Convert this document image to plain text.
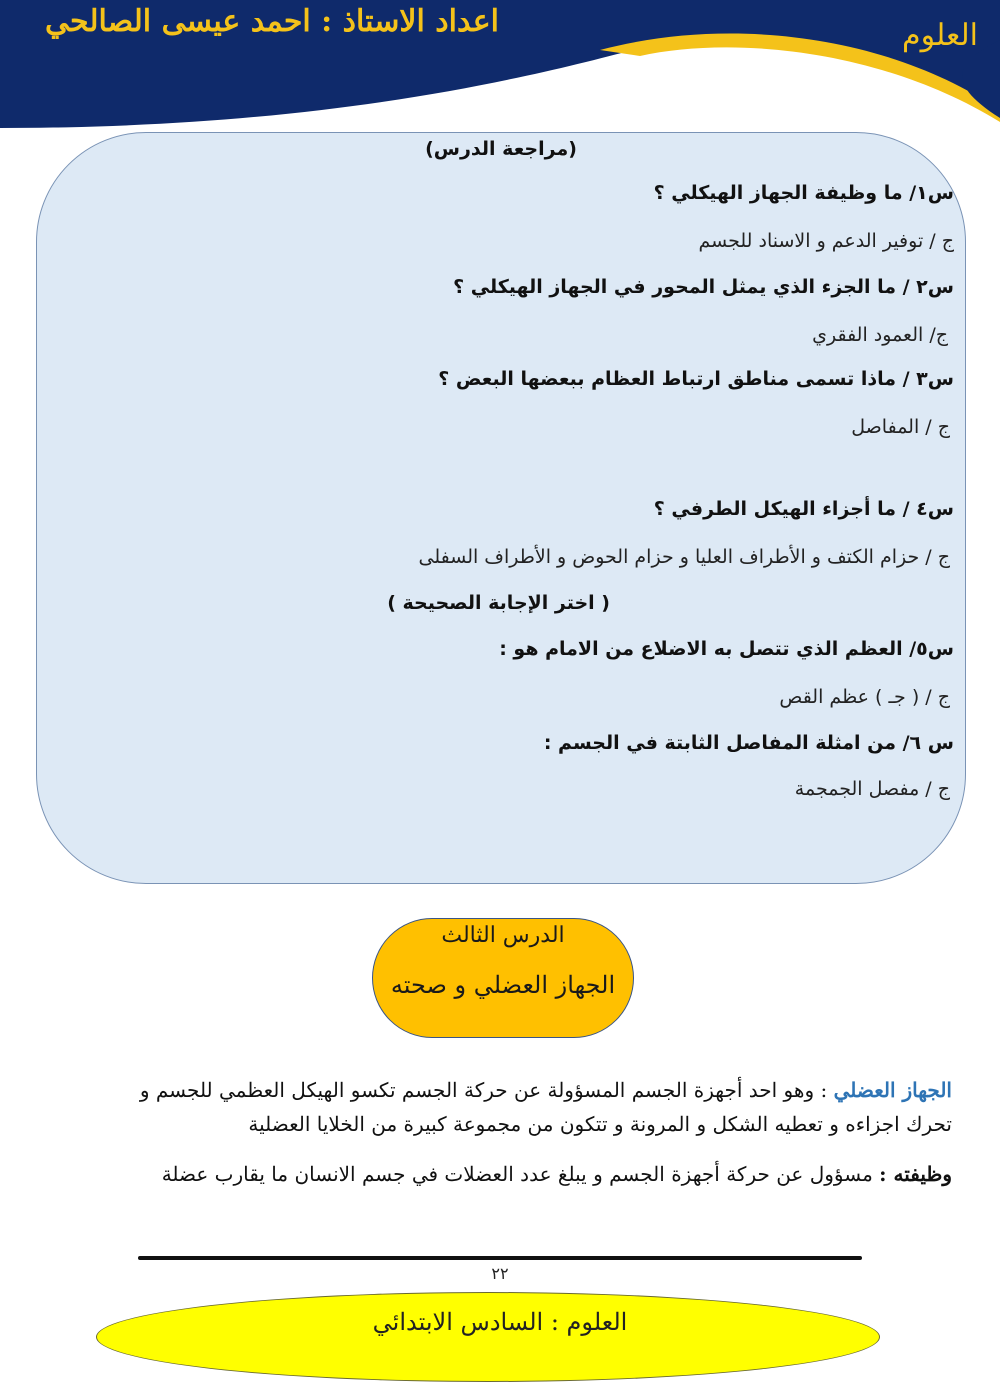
العلوم
اعداد الاستاذ : احمد عيسى الصالحي
(مراجعة الدرس)
س١/ ما وظيفة الجهاز الهيكلي ؟
ج / توفير الدعم و الاسناد للجسم
س٢ / ما الجزء الذي يمثل المحور في الجهاز الهيكلي ؟
ج/ العمود الفقري
س٣ / ماذا تسمى مناطق ارتباط العظام ببعضها البعض ؟
ج / المفاصل
س٤ / ما أجزاء الهيكل الطرفي ؟
ج / حزام الكتف و الأطراف العليا و حزام الحوض و الأطراف السفلى
( اختر الإجابة الصحيحة )
س٥/ العظم الذي تتصل به الاضلاع من الامام هو :
ج / ( جـ ) عظم القص
س ٦/ من امثلة المفاصل الثابتة في الجسم :
ج / مفصل الجمجمة
الدرس الثالث
الجهاز العضلي و صحته
الجهاز العضلي : وهو احد أجهزة الجسم المسؤولة عن حركة الجسم تكسو الهيكل العظمي للجسم و
تحرك اجزاءه و تعطيه الشكل و المرونة و تتكون من مجموعة كبيرة من الخلايا العضلية
وظيفته : مسؤول عن حركة أجهزة الجسم و يبلغ عدد العضلات في جسم الانسان ما يقارب عضلة
٢٢
العلوم : السادس الابتدائي
